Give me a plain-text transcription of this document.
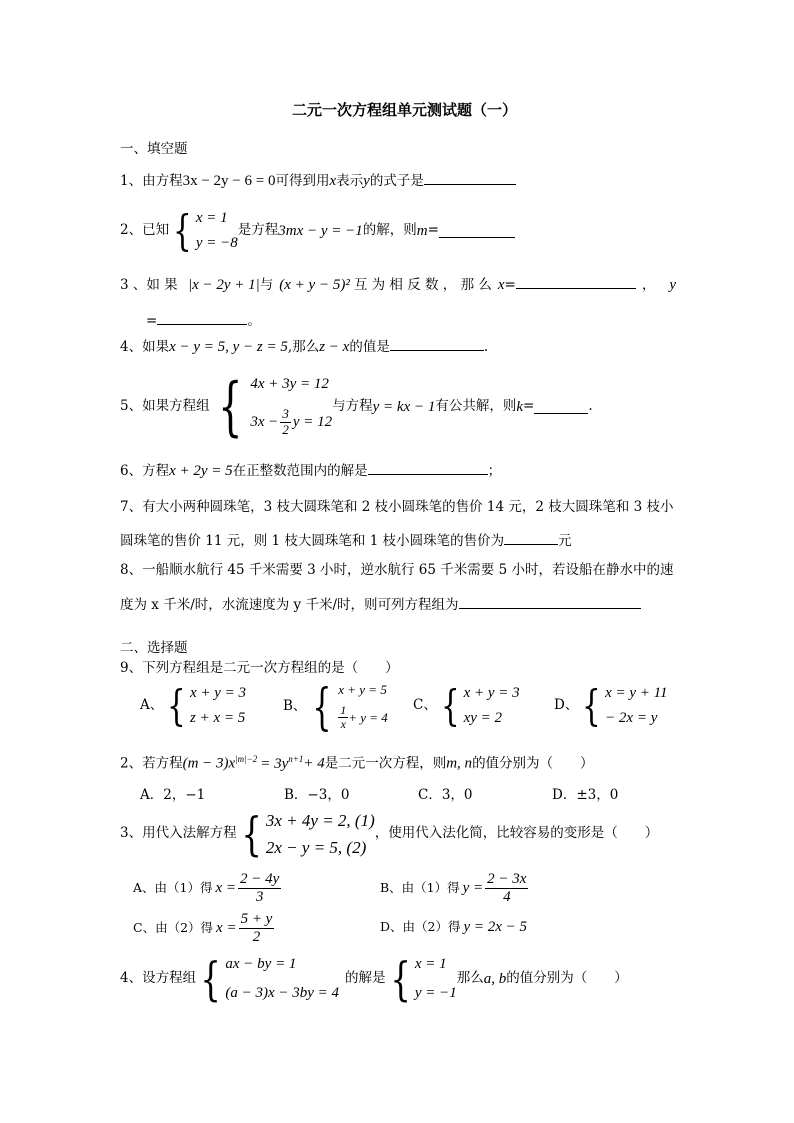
二元一次方程组单元测试题（一）
一、填空题
1、由方程3x − 2y − 6 = 0可得到用x表示y的式子是
2、已知 { x = 1
y = −8
是方程 3mx − y = −1 的解，则 m =
3 、如 果 |x − 2y + 1|与 (x + y − 5)² 互 为 相 反 数 ， 那 么 x=	， y
=	。
4、如果x − y = 5, y − z = 5,那么z − x的值是	.
5、如果方程组 { 4x + 3y = 12
$3x - \frac{3}{2}$ y = 12
与方程 y = kx − 1 有公共解，则 k =	.
6、方程x + 2y = 5在正整数范围内的解是	；
7、有大小两种圆珠笔，3 枝大圆珠笔和 2 枝小圆珠笔的售价 14 元，2 枝大圆珠笔和 3 枝小
圆珠笔的售价 11 元，则 1 枝大圆珠笔和 1 枝小圆珠笔的售价为	元
8、一船顺水航行 45 千米需要 3 小时，逆水航行 65 千米需要 5 小时，若设船在静水中的速
度为 x 千米/时，水流速度为 y 千米/时，则可列方程组为
二、选择题
9、下列方程组是二元一次方程组的是（　　）
A、 { x + y = 3
z + x = 5
B、 { x + y = 5
$\frac{1}{x} + y = 4$
C、 { x + y = 3
xy = 2
D、 { x = y + 11
− 2x = y
2、若方程$(m - 3)x^{|m|-2} = 3y^{n+1}+ 4$是二元一次方程，则m, n的值分别为（　　）
A．2，−1	B．−3，0	C．3，0	D．±3，0
3、用代入法解方程 { 3x + 4y = 2, (1)
2x − y = 5, (2)
，使用代入法化简，比较容易的变形是（　　）
A、由（1）得 $x = \frac{2 - 4y}{3}$	B、由（1）得 $y = \frac{2 - 3x}{4}$
C、由（2）得 $x = \frac{5 + y}{2}$	D、由（2）得 y = 2x − 5
4、设方程组 { ax − by = 1
(a − 3)x − 3by = 4
的解是 { x = 1
y = −1
那么 a, b 的值分别为（　　）
